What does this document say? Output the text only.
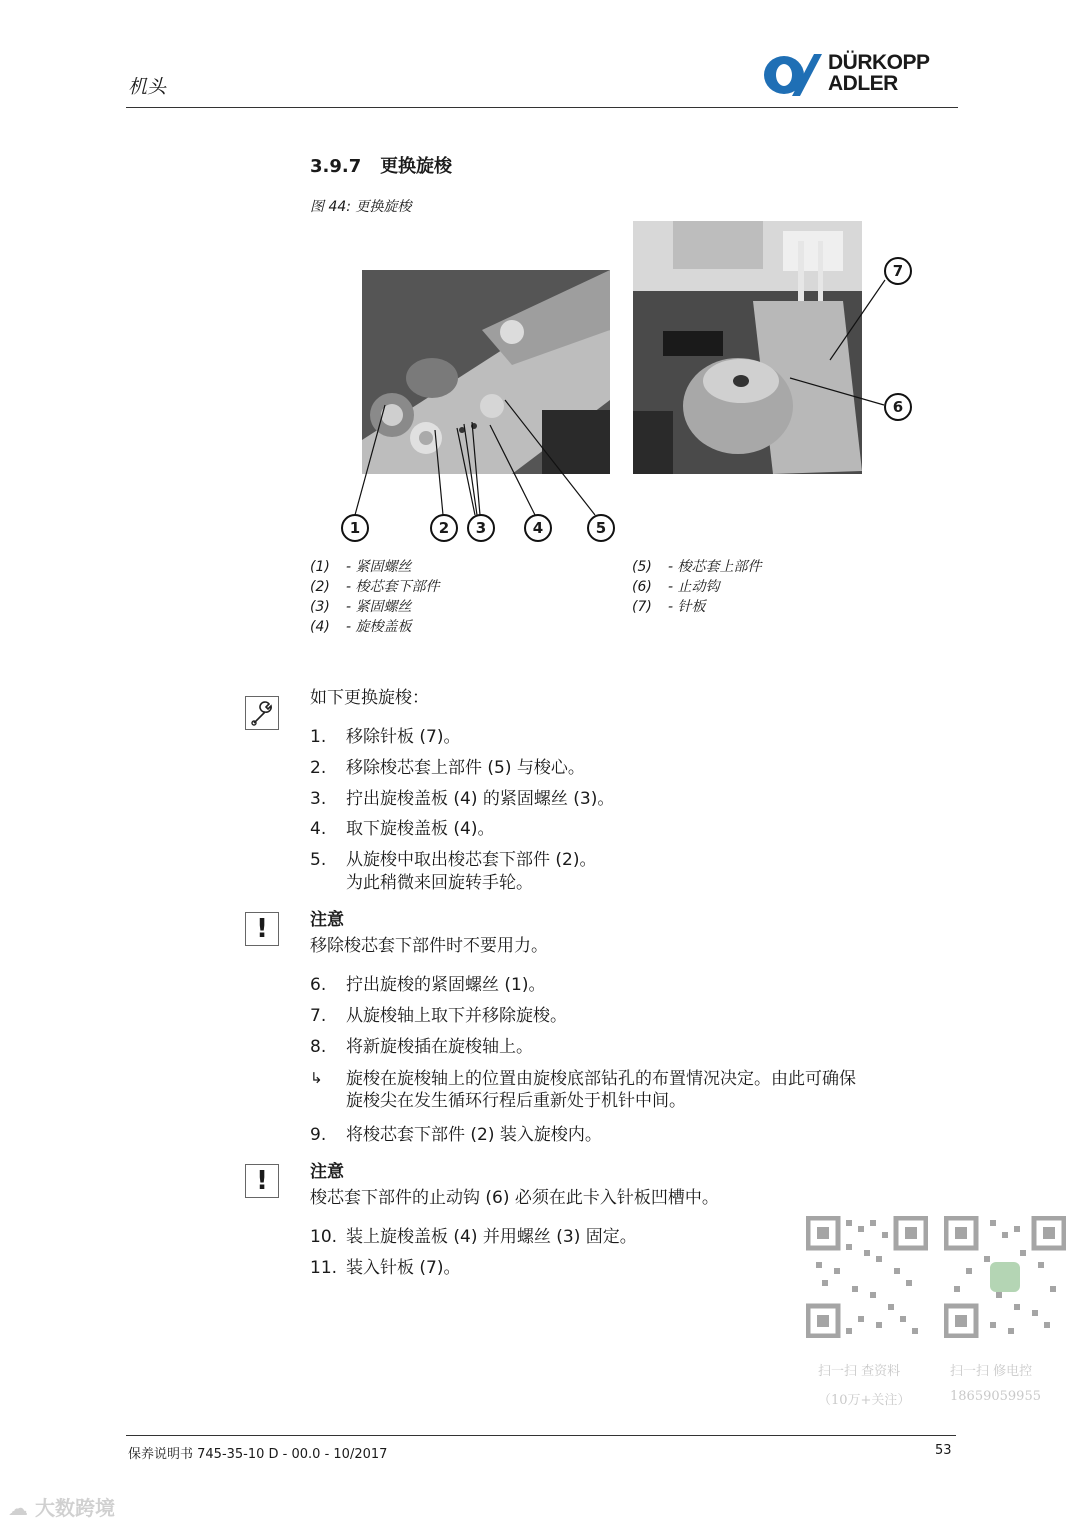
机头
DÜRKOPP
ADLER
3.9.7 更换旋梭
图 44: 更换旋梭
1	2	3	4	5
6
7
(1) - 紧固螺丝
(2) - 梭芯套下部件
(3) - 紧固螺丝
(4) - 旋梭盖板
(5) - 梭芯套上部件
(6) - 止动钩
(7) - 针板
如下更换旋梭：
1. 移除针板 (7)。
2. 移除梭芯套上部件 (5) 与梭心。
3. 拧出旋梭盖板 (4) 的紧固螺丝 (3)。
4. 取下旋梭盖板 (4)。
5. 从旋梭中取出梭芯套下部件 (2)。
为此稍微来回旋转手轮。
!	注意
移除梭芯套下部件时不要用力。
6. 拧出旋梭的紧固螺丝 (1)。
7. 从旋梭轴上取下并移除旋梭。
8. 将新旋梭插在旋梭轴上。
↳ 旋梭在旋梭轴上的位置由旋梭底部钻孔的布置情况决定。由此可确保
旋梭尖在发生循环行程后重新处于机针中间。
9. 将梭芯套下部件 (2) 装入旋梭内。
!	注意
梭芯套下部件的止动钩 (6) 必须在此卡入针板凹槽中。
10. 装上旋梭盖板 (4) 并用螺丝 (3) 固定。
11. 装入针板 (7)。
扫一扫 查资料
（10万+关注）
扫一扫 修电控
18659059955
保养说明书 745-35-10 D - 00.0 - 10/2017	53
☁ 大数跨境
